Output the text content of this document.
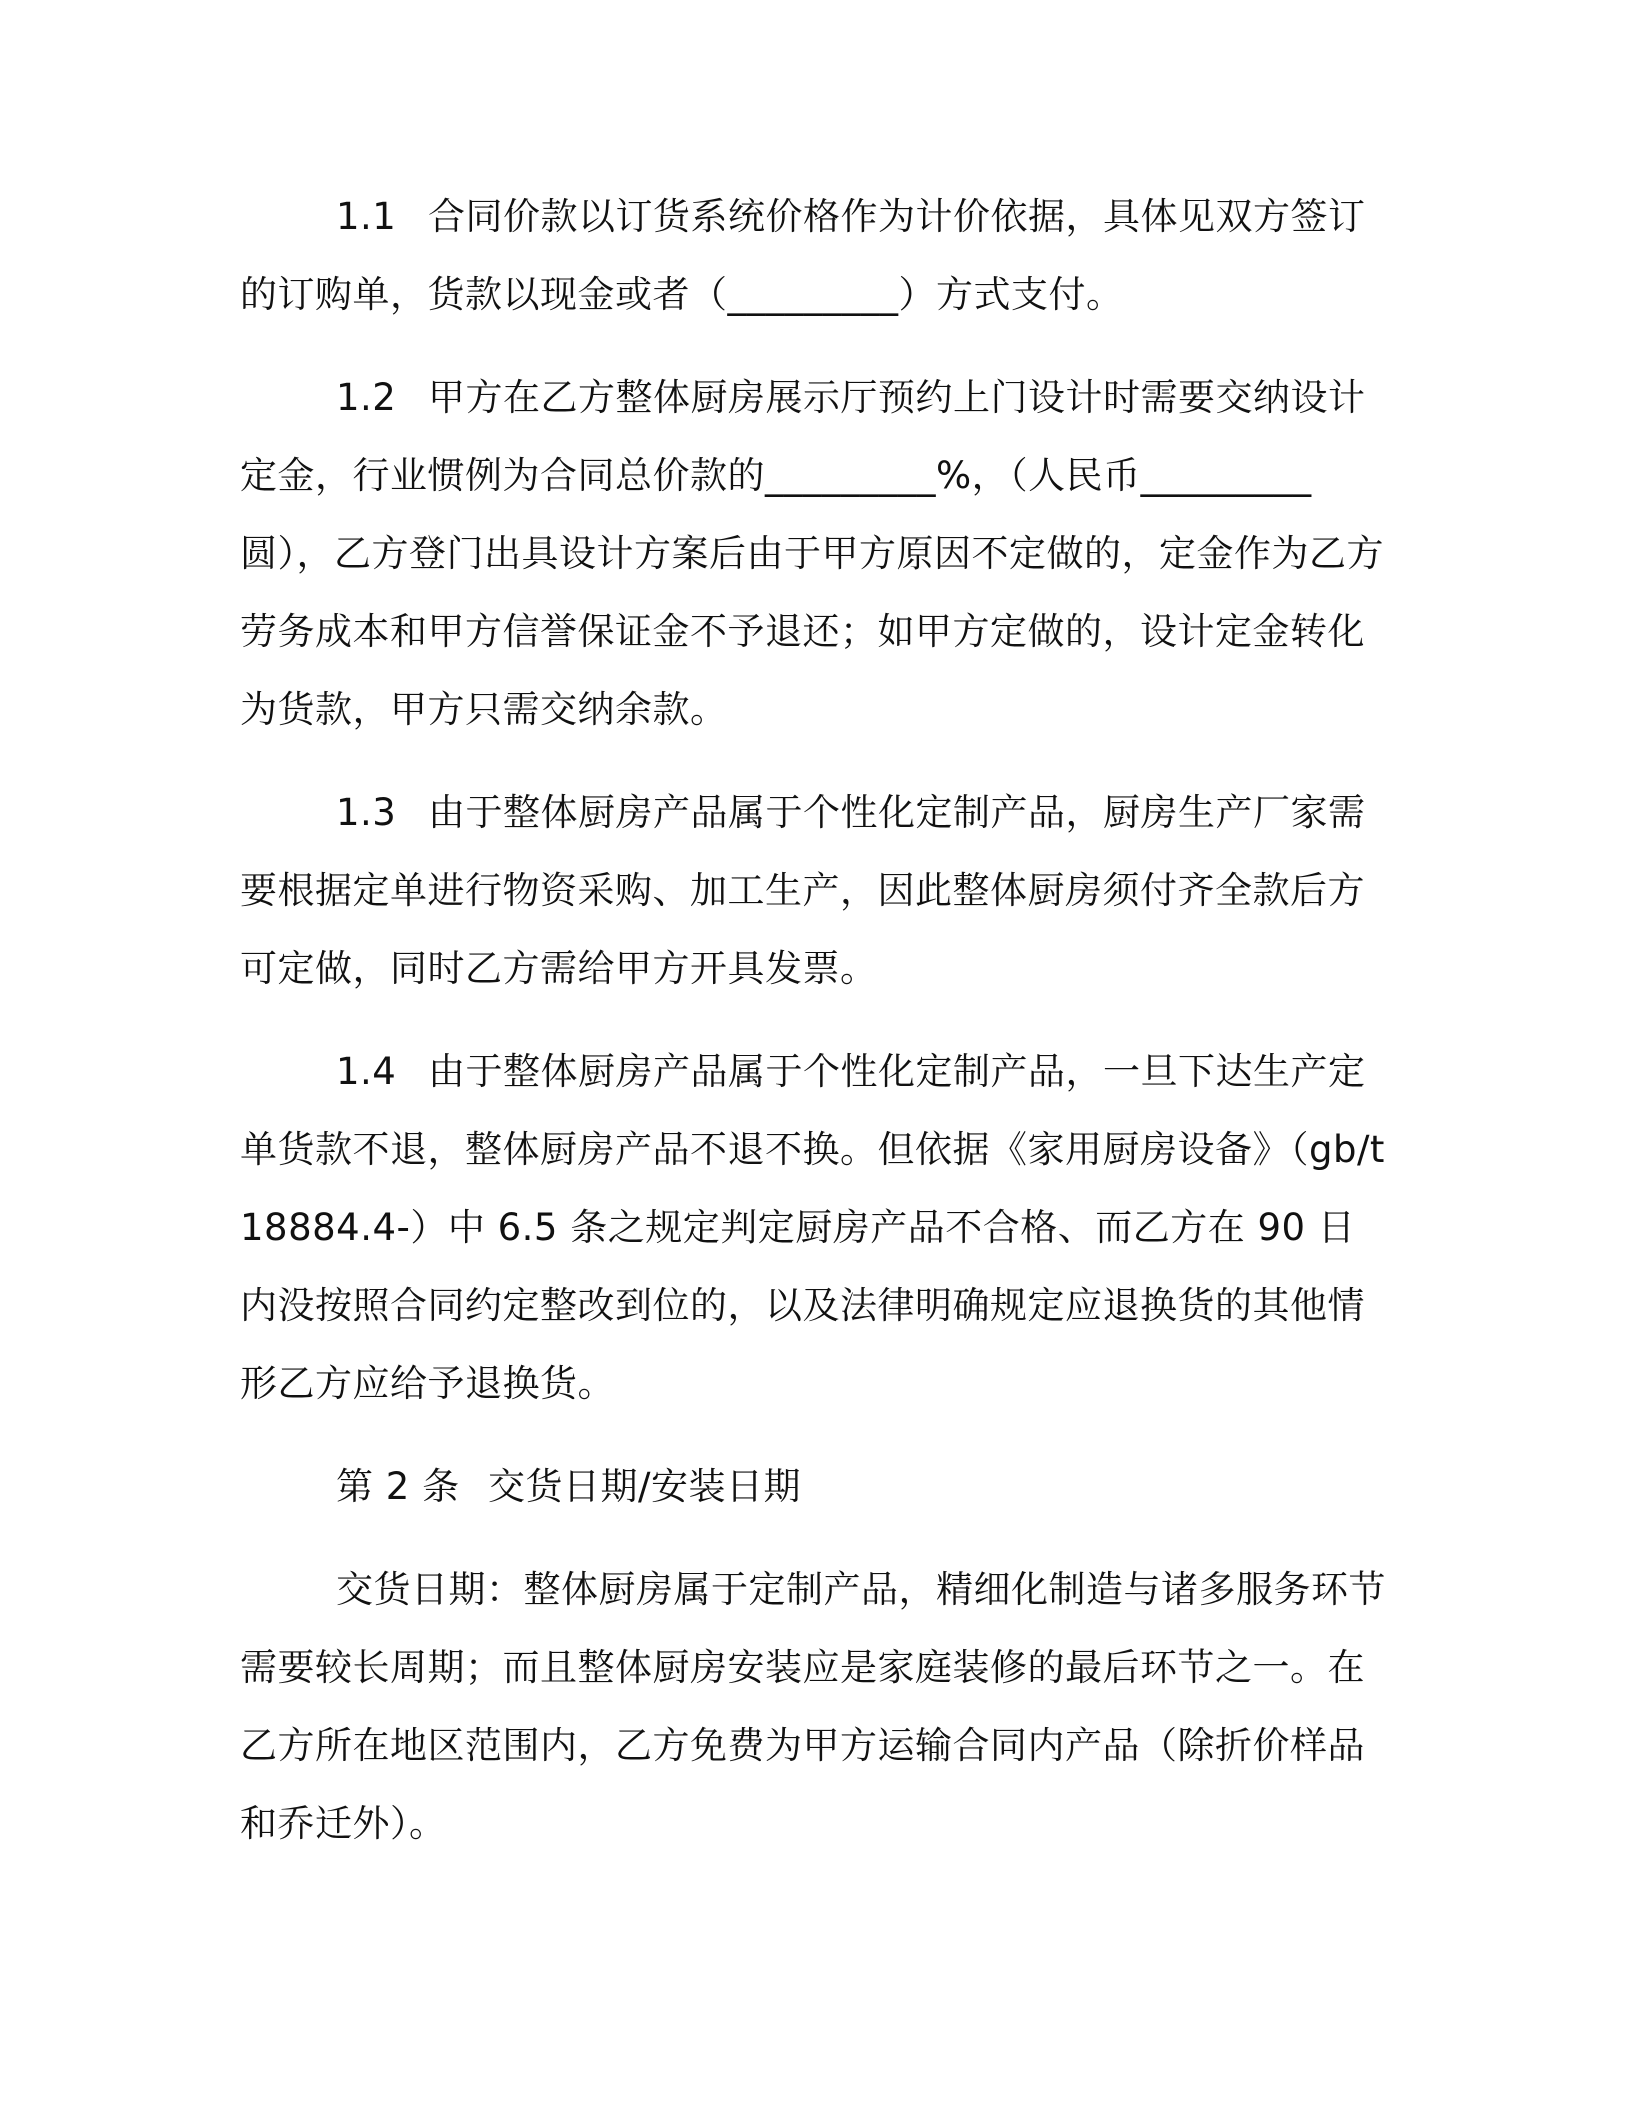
1.1 合同价款以订货系统价格作为计价依据，具体见双方签订的订购单，货款以现金或者（_________）方式支付。

1.2 甲方在乙方整体厨房展示厅预约上门设计时需要交纳设计定金，行业惯例为合同总价款的_________%，（人民币_________圆），乙方登门出具设计方案后由于甲方原因不定做的，定金作为乙方劳务成本和甲方信誉保证金不予退还；如甲方定做的，设计定金转化为货款，甲方只需交纳余款。

1.3 由于整体厨房产品属于个性化定制产品，厨房生产厂家需要根据定单进行物资采购、加工生产，因此整体厨房须付齐全款后方可定做，同时乙方需给甲方开具发票。

1.4 由于整体厨房产品属于个性化定制产品，一旦下达生产定单货款不退，整体厨房产品不退不换。但依据《家用厨房设备》（gb/t18884.4-）中 6.5 条之规定判定厨房产品不合格、而乙方在 90 日内没按照合同约定整改到位的，以及法律明确规定应退换货的其他情形乙方应给予退换货。

第 2 条 交货日期/安装日期

交货日期：整体厨房属于定制产品，精细化制造与诸多服务环节需要较长周期；而且整体厨房安装应是家庭装修的最后环节之一。在乙方所在地区范围内，乙方免费为甲方运输合同内产品（除折价样品和乔迁外）。
